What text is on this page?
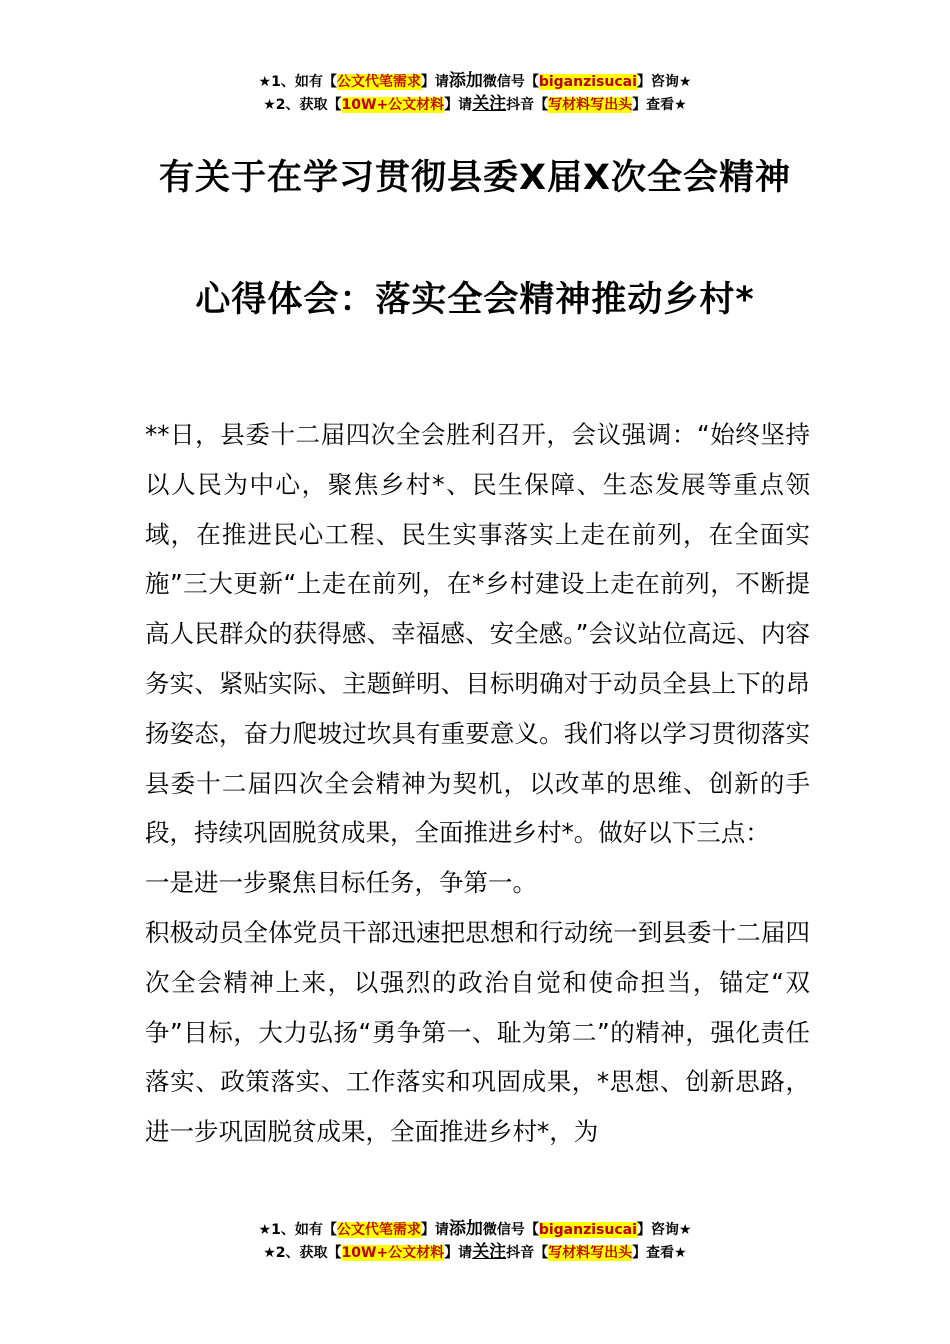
★1、如有【公文代笔需求】请添加微信号【biganzisucai】咨询★
★2、获取【10W+公文材料】请关注抖音【写材料写出头】查看★
有关于在学习贯彻县委Ⅹ届Ⅹ次全会精神
心得体会：落实全会精神推动乡村*

**日，县委十二届四次全会胜利召开，会议强调：“始终坚持以人民为中心，聚焦乡村*、民生保障、生态发展等重点领域，在推进民心工程、民生实事落实上走在前列，在全面实施”三大更新“上走在前列，在*乡村建设上走在前列，不断提高人民群众的获得感、幸福感、安全感。”会议站位高远、内容务实、紧贴实际、主题鲜明、目标明确对于动员全县上下的昂扬姿态，奋力爬坡过坎具有重要意义。我们将以学习贯彻落实县委十二届四次全会精神为契机，以改革的思维、创新的手段，持续巩固脱贫成果，全面推进乡村*。做好以下三点：

一是进一步聚焦目标任务，争第一。

积极动员全体党员干部迅速把思想和行动统一到县委十二届四次全会精神上来，以强烈的政治自觉和使命担当，锚定“双争”目标，大力弘扬“勇争第一、耻为第二”的精神，强化责任落实、政策落实、工作落实和巩固成果，*思想、创新思路，进一步巩固脱贫成果，全面推进乡村*，为

★1、如有【公文代笔需求】请添加微信号【biganzisucai】咨询★
★2、获取【10W+公文材料】请关注抖音【写材料写出头】查看★
